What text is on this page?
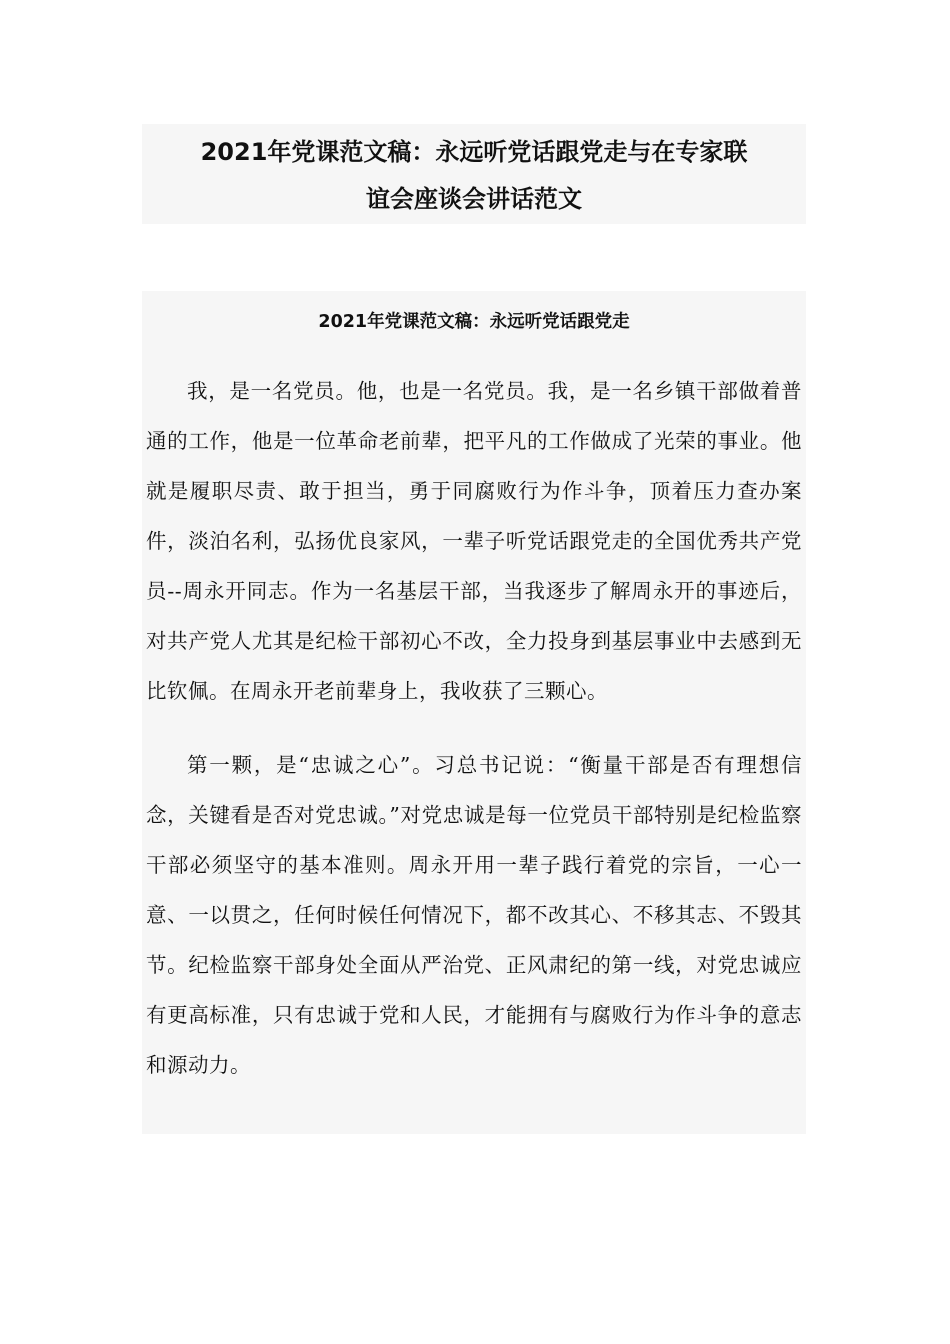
2021年党课范文稿：永远听党话跟党走与在专家联
谊会座谈会讲话范文
2021年党课范文稿：永远听党话跟党走

我，是一名党员。他，也是一名党员。我，是一名乡镇干部做着普通的工作，他是一位革命老前辈，把平凡的工作做成了光荣的事业。他就是履职尽责、敢于担当，勇于同腐败行为作斗争，顶着压力查办案件，淡泊名利，弘扬优良家风，一辈子听党话跟党走的全国优秀共产党员--周永开同志。作为一名基层干部，当我逐步了解周永开的事迹后，对共产党人尤其是纪检干部初心不改，全力投身到基层事业中去感到无比钦佩。在周永开老前辈身上，我收获了三颗心。

第一颗，是“忠诚之心”。习总书记说：“衡量干部是否有理想信念，关键看是否对党忠诚。”对党忠诚是每一位党员干部特别是纪检监察干部必须坚守的基本准则。周永开用一辈子践行着党的宗旨，一心一意、一以贯之，任何时候任何情况下，都不改其心、不移其志、不毁其节。纪检监察干部身处全面从严治党、正风肃纪的第一线，对党忠诚应有更高标准，只有忠诚于党和人民，才能拥有与腐败行为作斗争的意志和源动力。
